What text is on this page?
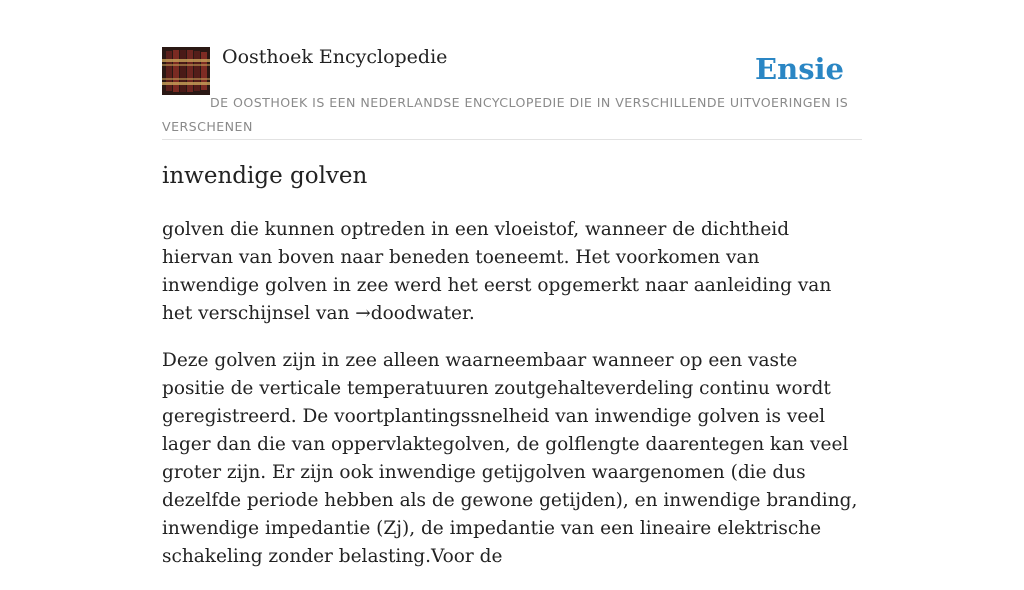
Oosthoek Encyclopedie	Ensie
DE OOSTHOEK IS EEN NEDERLANDSE ENCYCLOPEDIE DIE IN VERSCHILLENDE UITVOERINGEN IS VERSCHENEN
inwendige golven

golven die kunnen optreden in een vloeistof, wanneer de dichtheid hiervan van boven naar beneden toeneemt. Het voorkomen van inwendige golven in zee werd het eerst opgemerkt naar aanleiding van het verschijnsel van →doodwater.

Deze golven zijn in zee alleen waarneembaar wanneer op een vaste positie de verticale temperatuuren zoutgehalteverdeling continu wordt geregistreerd. De voortplantingssnelheid van inwendige golven is veel lager dan die van oppervlaktegolven, de golflengte daarentegen kan veel groter zijn. Er zijn ook inwendige getijgolven waargenomen (die dus dezelfde periode hebben als de gewone getijden), en inwendige branding, inwendige impedantie (Zj), de impedantie van een lineaire elektrische schakeling zonder belasting.Voor de
